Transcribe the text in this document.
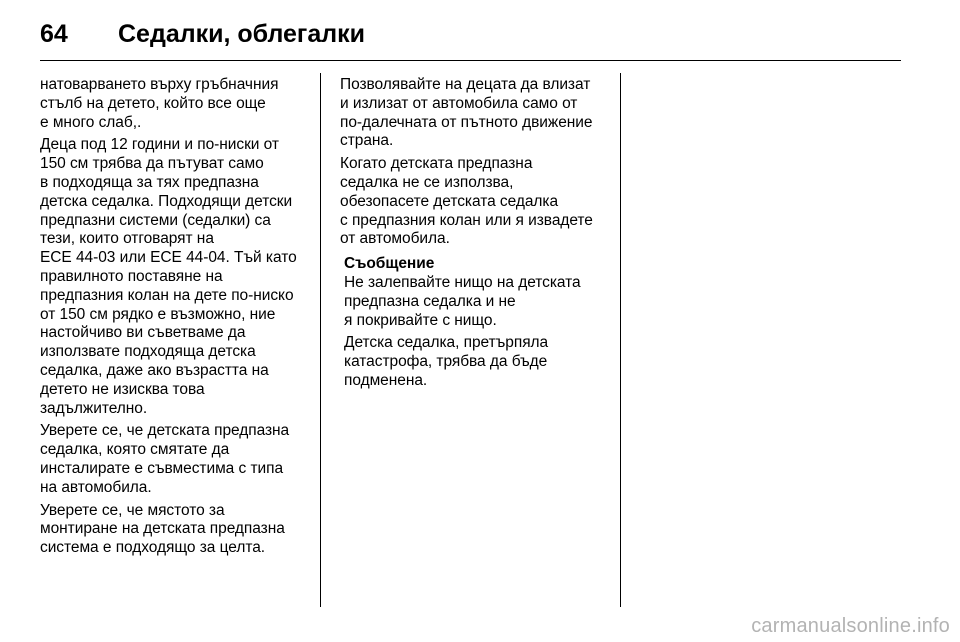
64	Седалки, облегалки

натоварването върху гръбначния
стълб на детето, който все още
е много слаб,.

Деца под 12 години и по-ниски от
150 см трябва да пътуват само
в подходяща за тях предпазна
детска седалка. Подходящи детски
предпазни системи (седалки) са
тези, които отговарят на
ECE 44-03 или ECE 44-04. Тъй като
правилното поставяне на
предпазния колан на дете по-ниско
от 150 см рядко е възможно, ние
настойчиво ви съветваме да
използвате подходяща детска
седалка, даже ако възрастта на
детето не изисква това
задължително.

Уверете се, че детската предпазна
седалка, която смятате да
инсталирате е съвместима с типа
на автомобила.

Уверете се, че мястото за
монтиране на детската предпазна
система е подходящо за целта.

Позволявайте на децата да влизат
и излизат от автомобила само от
по-далечната от пътното движение
страна.

Когато детската предпазна
седалка не се използва,
обезопасете детската седалка
с предпазния колан или я извадете
от автомобила.

Съобщение

Не залепвайте нищо на детската
предпазна седалка и не
я покривайте с нищо.

Детска седалка, претърпяла
катастрофа, трябва да бъде
подменена.

carmanualsonline.info
